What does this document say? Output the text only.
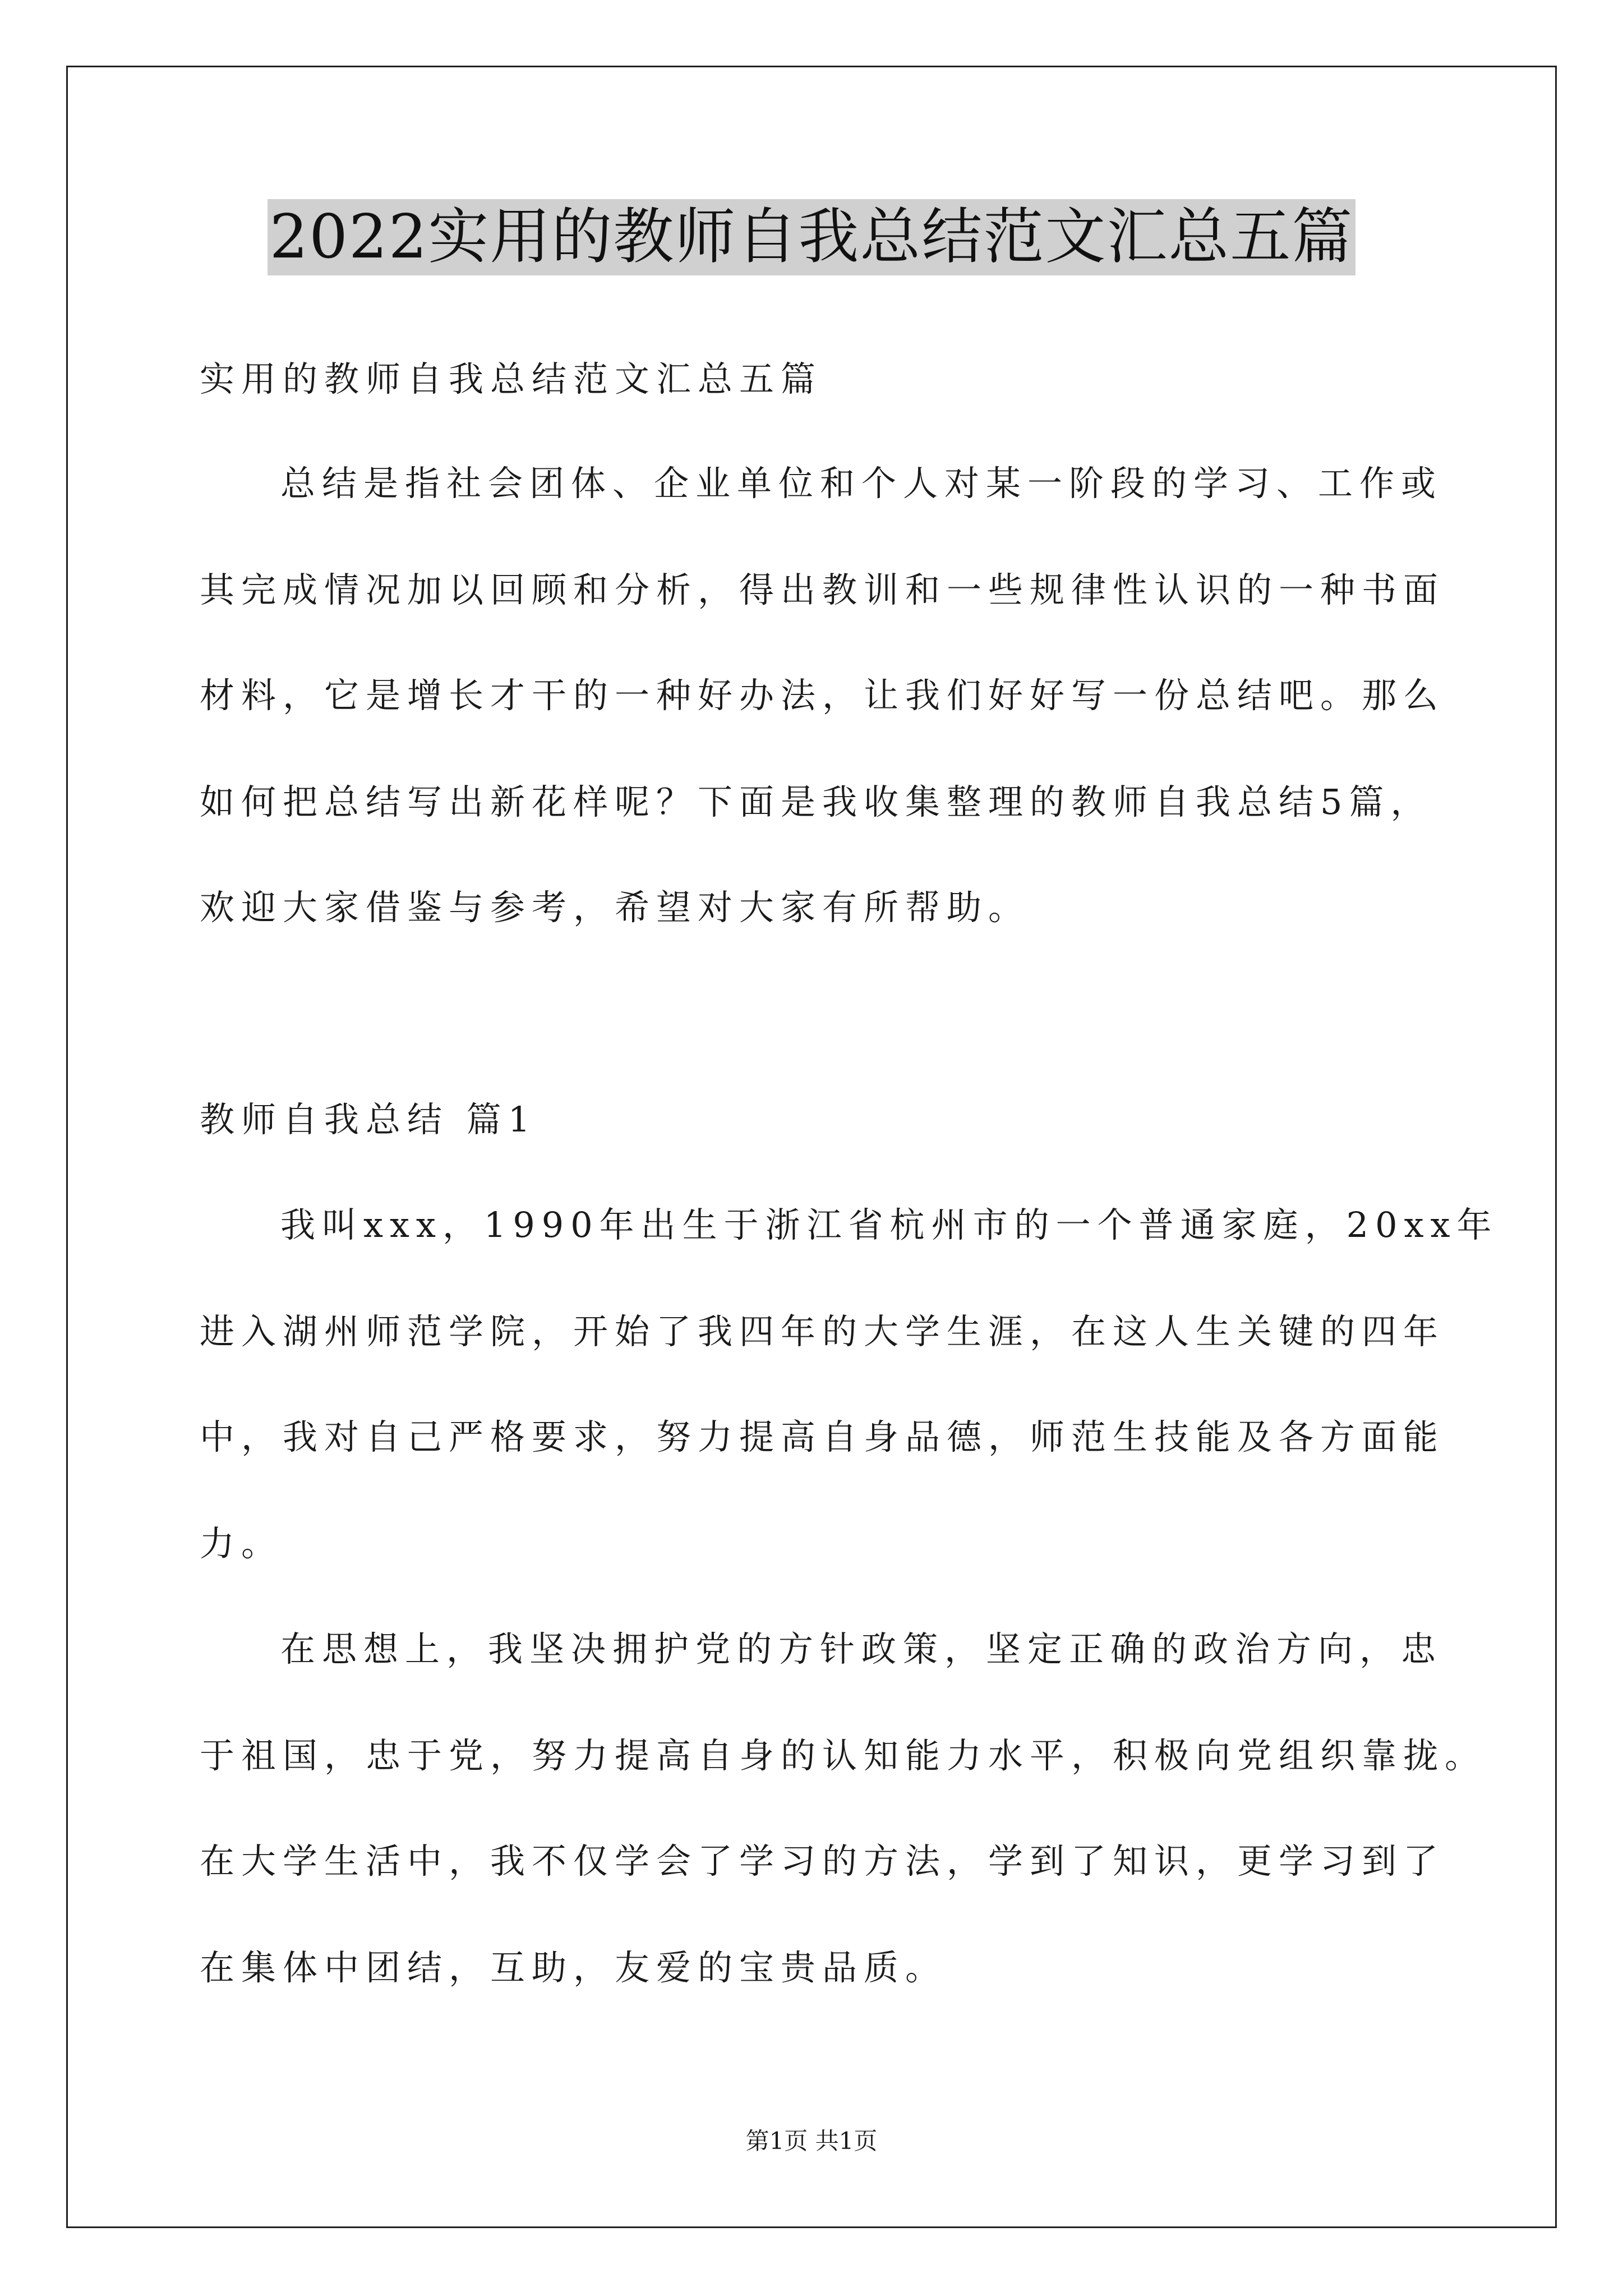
2022实用的教师自我总结范文汇总五篇
实用的教师自我总结范文汇总五篇
总结是指社会团体、企业单位和个人对某一阶段的学习、工作或
其完成情况加以回顾和分析，得出教训和一些规律性认识的一种书面
材料，它是增长才干的一种好办法，让我们好好写一份总结吧。那么
如何把总结写出新花样呢？下面是我收集整理的教师自我总结5篇，
欢迎大家借鉴与参考，希望对大家有所帮助。
教师自我总结 篇1
我叫xxx，1990年出生于浙江省杭州市的一个普通家庭，20xx年
进入湖州师范学院，开始了我四年的大学生涯，在这人生关键的四年
中，我对自己严格要求，努力提高自身品德，师范生技能及各方面能
力。
在思想上，我坚决拥护党的方针政策，坚定正确的政治方向，忠
于祖国，忠于党，努力提高自身的认知能力水平，积极向党组织靠拢。
在大学生活中，我不仅学会了学习的方法，学到了知识，更学习到了
在集体中团结，互助，友爱的宝贵品质。
第1页 共1页
